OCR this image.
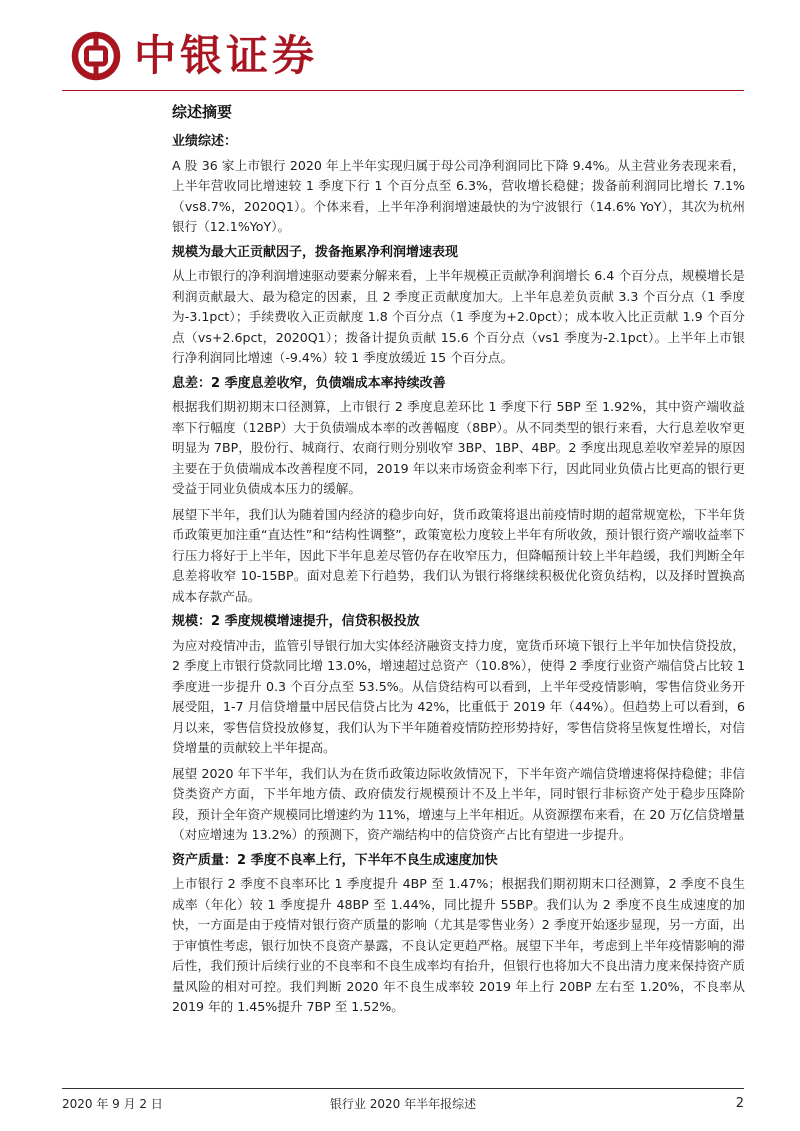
中银证券
综述摘要
业绩综述：

A 股 36 家上市银行 2020 年上半年实现归属于母公司净利润同比下降 9.4%。从主营业务表现来看，上半年营收同比增速较 1 季度下行 1 个百分点至 6.3%，营收增长稳健；拨备前利润同比增长 7.1%（vs8.7%，2020Q1）。个体来看，上半年净利润增速最快的为宁波银行（14.6% YoY），其次为杭州银行（12.1%YoY）。

规模为最大正贡献因子，拨备拖累净利润增速表现

从上市银行的净利润增速驱动要素分解来看，上半年规模正贡献净利润增长 6.4 个百分点，规模增长是利润贡献最大、最为稳定的因素，且 2 季度正贡献度加大。上半年息差负贡献 3.3 个百分点（1 季度为-3.1pct）；手续费收入正贡献度 1.8 个百分点（1 季度为+2.0pct）；成本收入比正贡献 1.9 个百分点（vs+2.6pct，2020Q1）；拨备计提负贡献 15.6 个百分点（vs1 季度为-2.1pct）。上半年上市银行净利润同比增速（-9.4%）较 1 季度放缓近 15 个百分点。

息差：2 季度息差收窄，负债端成本率持续改善

根据我们期初期末口径测算，上市银行 2 季度息差环比 1 季度下行 5BP 至 1.92%，其中资产端收益率下行幅度（12BP）大于负债端成本率的改善幅度（8BP）。从不同类型的银行来看，大行息差收窄更明显为 7BP，股份行、城商行、农商行则分别收窄 3BP、1BP、4BP。2 季度出现息差收窄差异的原因主要在于负债端成本改善程度不同，2019 年以来市场资金利率下行，因此同业负债占比更高的银行更受益于同业负债成本压力的缓解。

展望下半年，我们认为随着国内经济的稳步向好，货币政策将退出前疫情时期的超常规宽松，下半年货币政策更加注重“直达性”和“结构性调整”，政策宽松力度较上半年有所收敛，预计银行资产端收益率下行压力将好于上半年，因此下半年息差尽管仍存在收窄压力，但降幅预计较上半年趋缓，我们判断全年息差将收窄 10-15BP。面对息差下行趋势，我们认为银行将继续积极优化资负结构，以及择时置换高成本存款产品。

规模：2 季度规模增速提升，信贷积极投放

为应对疫情冲击，监管引导银行加大实体经济融资支持力度，宽货币环境下银行上半年加快信贷投放，2 季度上市银行贷款同比增 13.0%，增速超过总资产（10.8%），使得 2 季度行业资产端信贷占比较 1 季度进一步提升 0.3 个百分点至 53.5%。从信贷结构可以看到，上半年受疫情影响，零售信贷业务开展受阻，1-7 月信贷增量中居民信贷占比为 42%，比重低于 2019 年（44%）。但趋势上可以看到，6 月以来，零售信贷投放修复，我们认为下半年随着疫情防控形势持好，零售信贷将呈恢复性增长，对信贷增量的贡献较上半年提高。

展望 2020 年下半年，我们认为在货币政策边际收敛情况下，下半年资产端信贷增速将保持稳健；非信贷类资产方面，下半年地方债、政府债发行规模预计不及上半年，同时银行非标资产处于稳步压降阶段，预计全年资产规模同比增速约为 11%，增速与上半年相近。从资源摆布来看，在 20 万亿信贷增量（对应增速为 13.2%）的预测下，资产端结构中的信贷资产占比有望进一步提升。

资产质量：2 季度不良率上行，下半年不良生成速度加快

上市银行 2 季度不良率环比 1 季度提升 4BP 至 1.47%；根据我们期初期末口径测算，2 季度不良生成率（年化）较 1 季度提升 48BP 至 1.44%，同比提升 55BP。我们认为 2 季度不良生成速度的加快，一方面是由于疫情对银行资产质量的影响（尤其是零售业务）2 季度开始逐步显现，另一方面，出于审慎性考虑，银行加快不良资产暴露，不良认定更趋严格。展望下半年，考虑到上半年疫情影响的滞后性，我们预计后续行业的不良率和不良生成率均有抬升，但银行也将加大不良出清力度来保持资产质量风险的相对可控。我们判断 2020 年不良生成率较 2019 年上行 20BP 左右至 1.20%，不良率从 2019 年的 1.45%提升 7BP 至 1.52%。

2020 年 9 月 2 日	银行业 2020 年半年报综述	2
